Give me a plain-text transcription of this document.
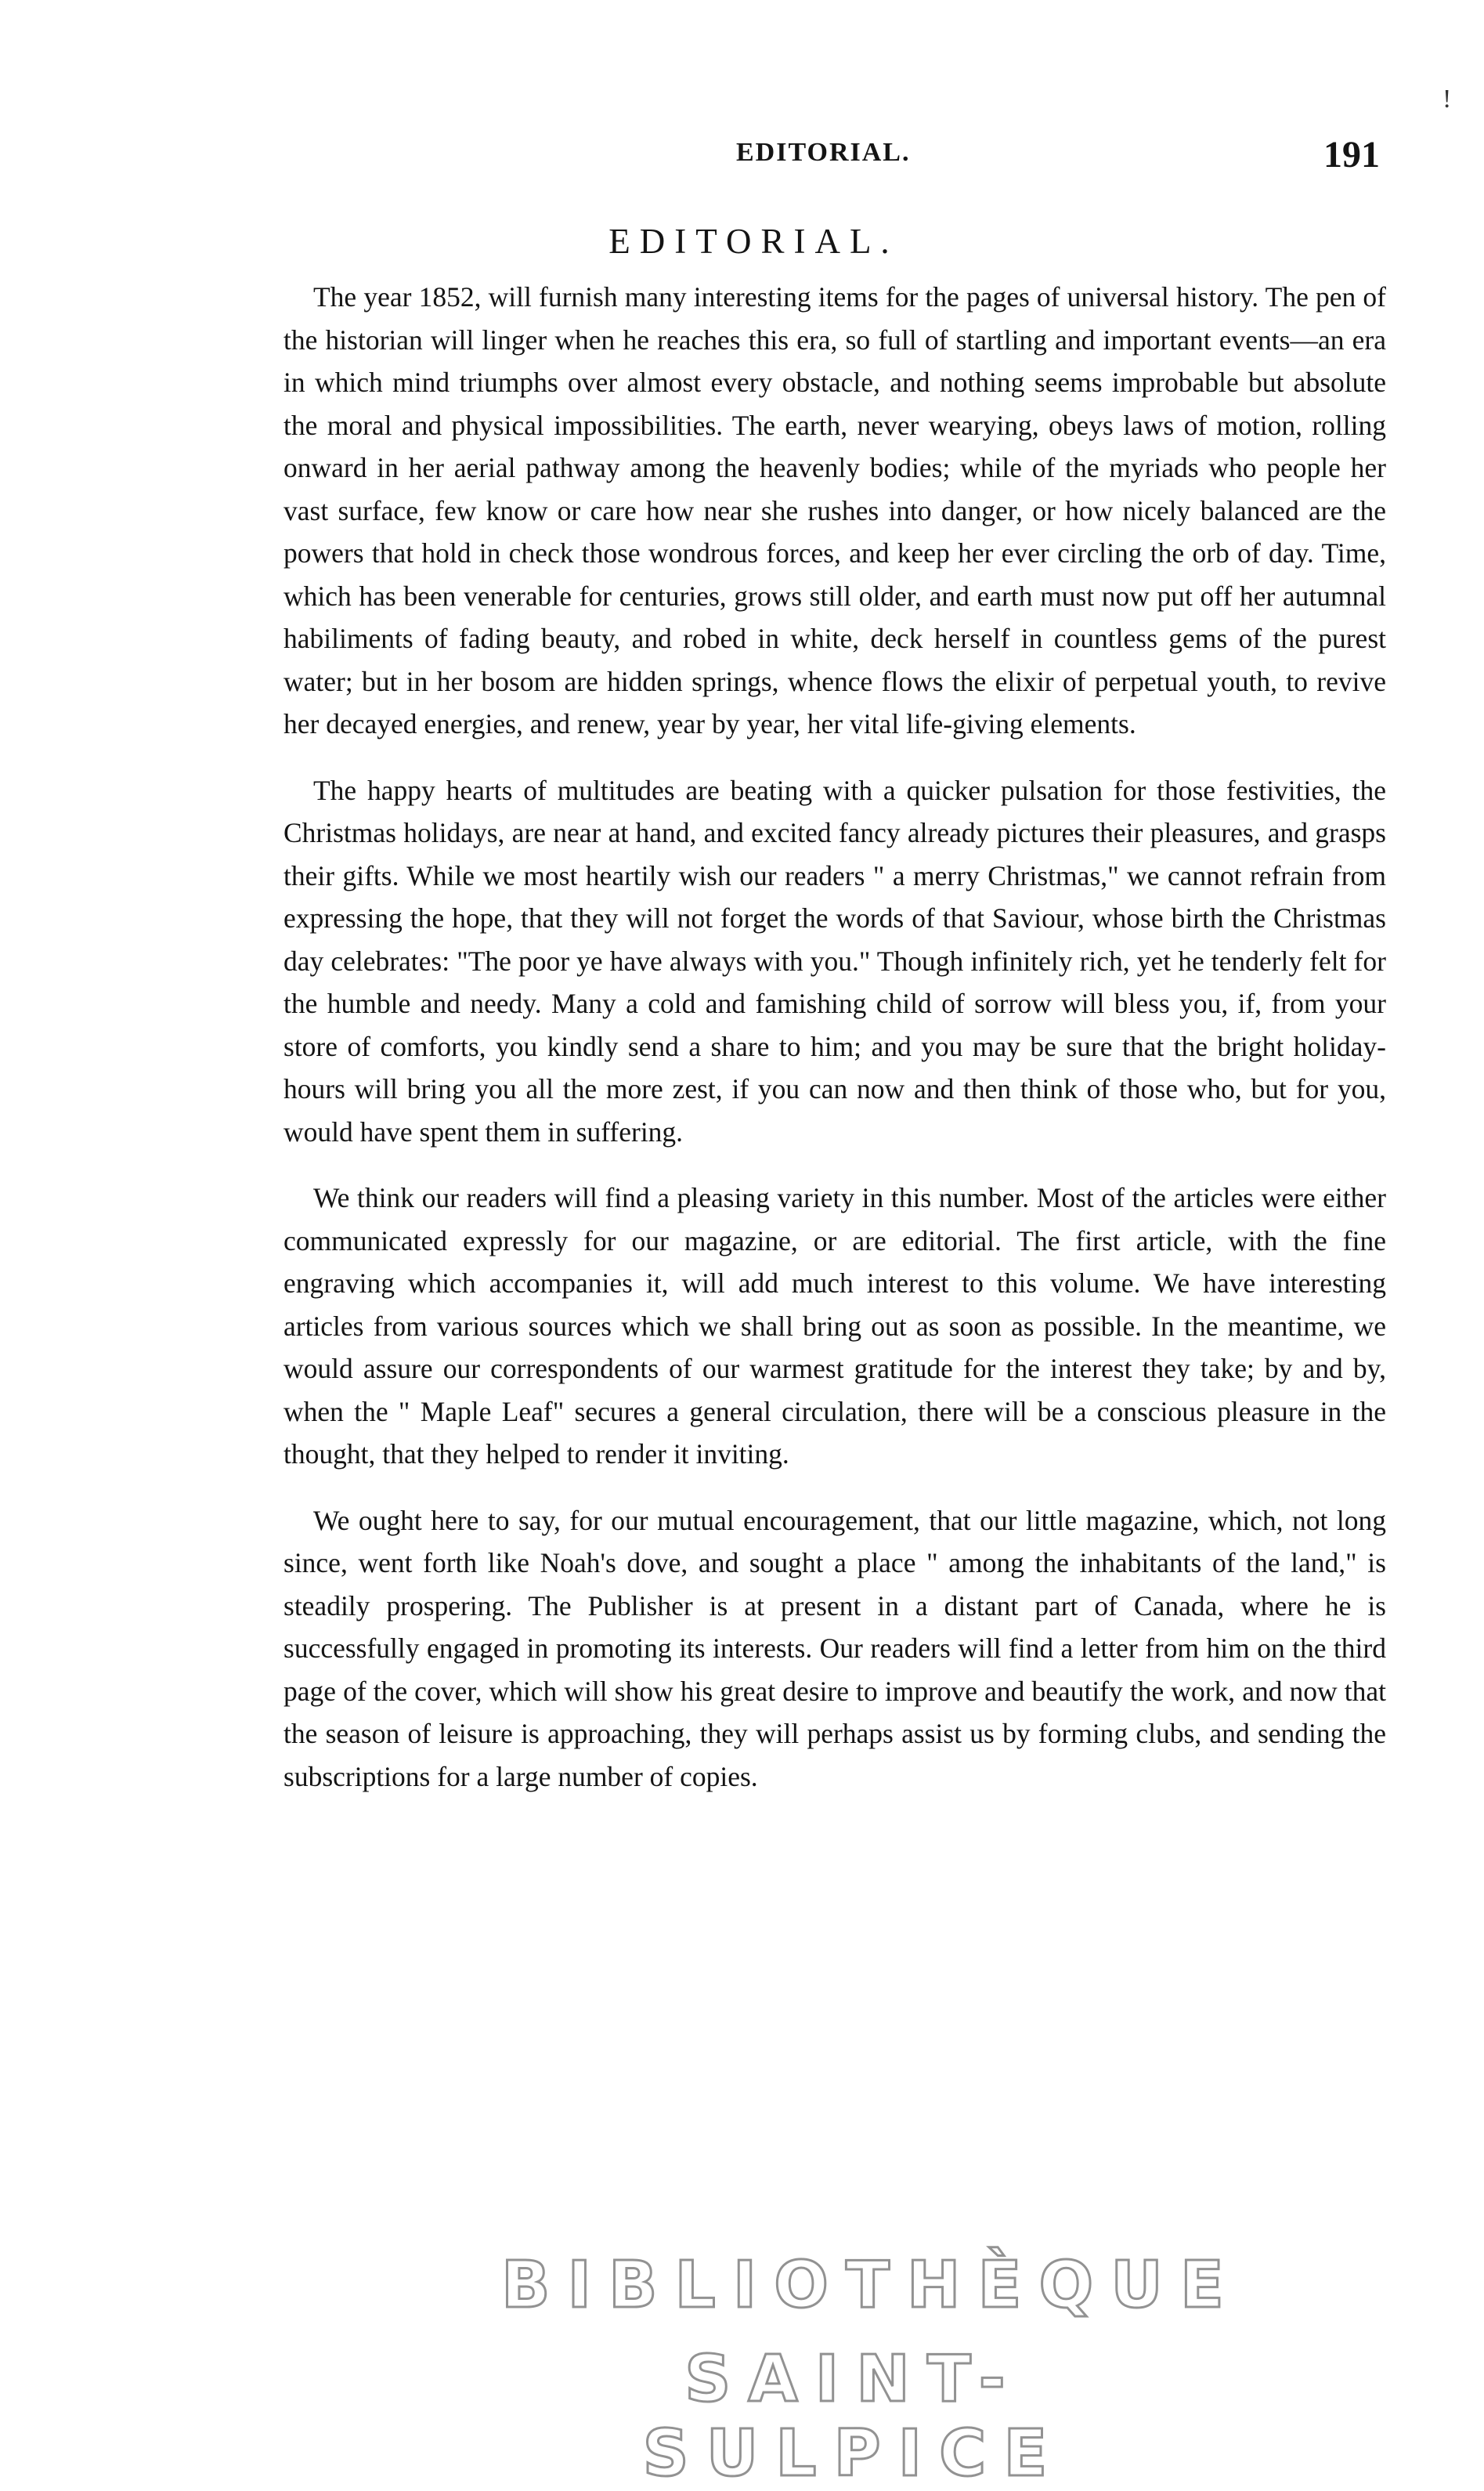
EDITORIAL.	191
!
EDITORIAL.

The year 1852, will furnish many interesting items for the pages of universal history. The pen of the historian will linger when he reaches this era, so full of startling and important events—an era in which mind triumphs over almost every obstacle, and nothing seems improbable but absolute the moral and physical impossibilities. The earth, never wearying, obeys laws of motion, rolling onward in her aerial pathway among the heavenly bodies; while of the myriads who people her vast surface, few know or care how near she rushes into danger, or how nicely balanced are the powers that hold in check those wondrous forces, and keep her ever circling the orb of day. Time, which has been venerable for centuries, grows still older, and earth must now put off her autumnal habiliments of fading beauty, and robed in white, deck herself in countless gems of the purest water; but in her bosom are hidden springs, whence flows the elixir of perpetual youth, to revive her decayed energies, and renew, year by year, her vital life-giving elements.

The happy hearts of multitudes are beating with a quicker pulsation for those festivities, the Christmas holidays, are near at hand, and excited fancy already pictures their pleasures, and grasps their gifts. While we most heartily wish our readers " a merry Christmas," we cannot refrain from expressing the hope, that they will not forget the words of that Saviour, whose birth the Christmas day celebrates: "The poor ye have always with you." Though infinitely rich, yet he tenderly felt for the humble and needy. Many a cold and famishing child of sorrow will bless you, if, from your store of comforts, you kindly send a share to him; and you may be sure that the bright holiday-hours will bring you all the more zest, if you can now and then think of those who, but for you, would have spent them in suffering.

We think our readers will find a pleasing variety in this number. Most of the articles were either communicated expressly for our magazine, or are editorial. The first article, with the fine engraving which accompanies it, will add much interest to this volume. We have interesting articles from various sources which we shall bring out as soon as possible. In the meantime, we would assure our correspondents of our warmest gratitude for the interest they take; by and by, when the " Maple Leaf" secures a general circulation, there will be a conscious pleasure in the thought, that they helped to render it inviting.

We ought here to say, for our mutual encouragement, that our little magazine, which, not long since, went forth like Noah's dove, and sought a place " among the inhabitants of the land," is steadily prospering. The Publisher is at present in a distant part of Canada, where he is successfully engaged in promoting its interests. Our readers will find a letter from him on the third page of the cover, which will show his great desire to improve and beautify the work, and now that the season of leisure is approaching, they will perhaps assist us by forming clubs, and sending the subscriptions for a large number of copies.

BIBLIOTHÈQUE
SAINT-SULPICE
